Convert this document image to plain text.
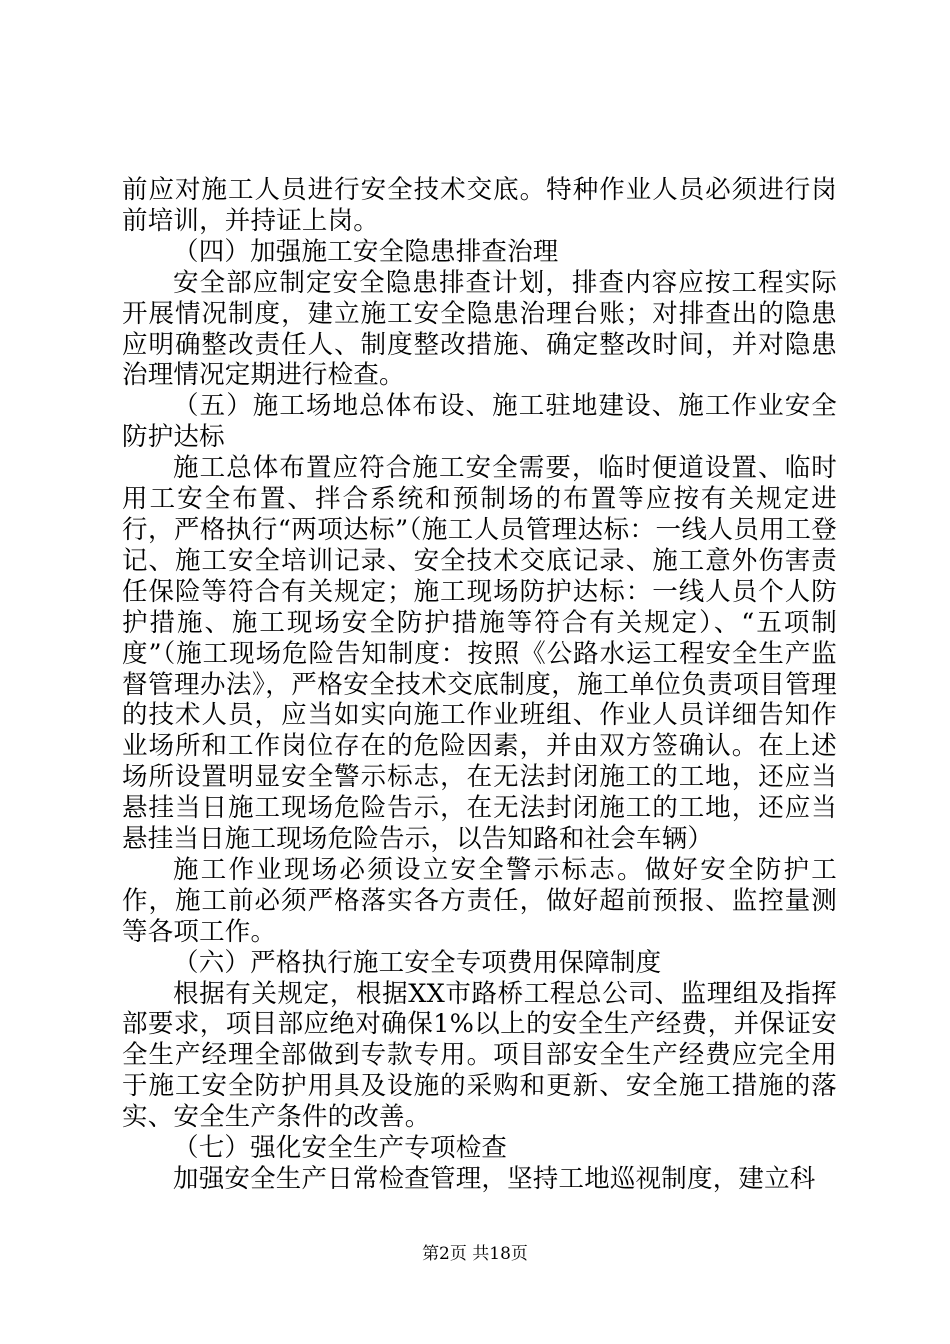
前应对施工人员进行安全技术交底。特种作业人员必须进行岗前培训，并持证上岗。

（四）加强施工安全隐患排查治理

安全部应制定安全隐患排查计划，排查内容应按工程实际开展情况制度，建立施工安全隐患治理台账；对排查出的隐患应明确整改责任人、制度整改措施、确定整改时间，并对隐患治理情况定期进行检查。

（五）施工场地总体布设、施工驻地建设、施工作业安全防护达标

施工总体布置应符合施工安全需要，临时便道设置、临时用工安全布置、拌合系统和预制场的布置等应按有关规定进行，严格执行“两项达标”（施工人员管理达标：一线人员用工登记、施工安全培训记录、安全技术交底记录、施工意外伤害责任保险等符合有关规定；施工现场防护达标：一线人员个人防护措施、施工现场安全防护措施等符合有关规定）、“五项制度”（施工现场危险告知制度：按照《公路水运工程安全生产监督管理办法》，严格安全技术交底制度，施工单位负责项目管理的技术人员，应当如实向施工作业班组、作业人员详细告知作业场所和工作岗位存在的危险因素，并由双方签确认。在上述场所设置明显安全警示标志，在无法封闭施工的工地，还应当悬挂当日施工现场危险告示，在无法封闭施工的工地，还应当悬挂当日施工现场危险告示，以告知路和社会车辆）

施工作业现场必须设立安全警示标志。做好安全防护工作，施工前必须严格落实各方责任，做好超前预报、监控量测等各项工作。

（六）严格执行施工安全专项费用保障制度

根据有关规定，根据XX市路桥工程总公司、监理组及指挥部要求，项目部应绝对确保1%以上的安全生产经费，并保证安全生产经理全部做到专款专用。项目部安全生产经费应完全用于施工安全防护用具及设施的采购和更新、安全施工措施的落实、安全生产条件的改善。

（七）强化安全生产专项检查

加强安全生产日常检查管理，坚持工地巡视制度，建立科

第2页 共18页
